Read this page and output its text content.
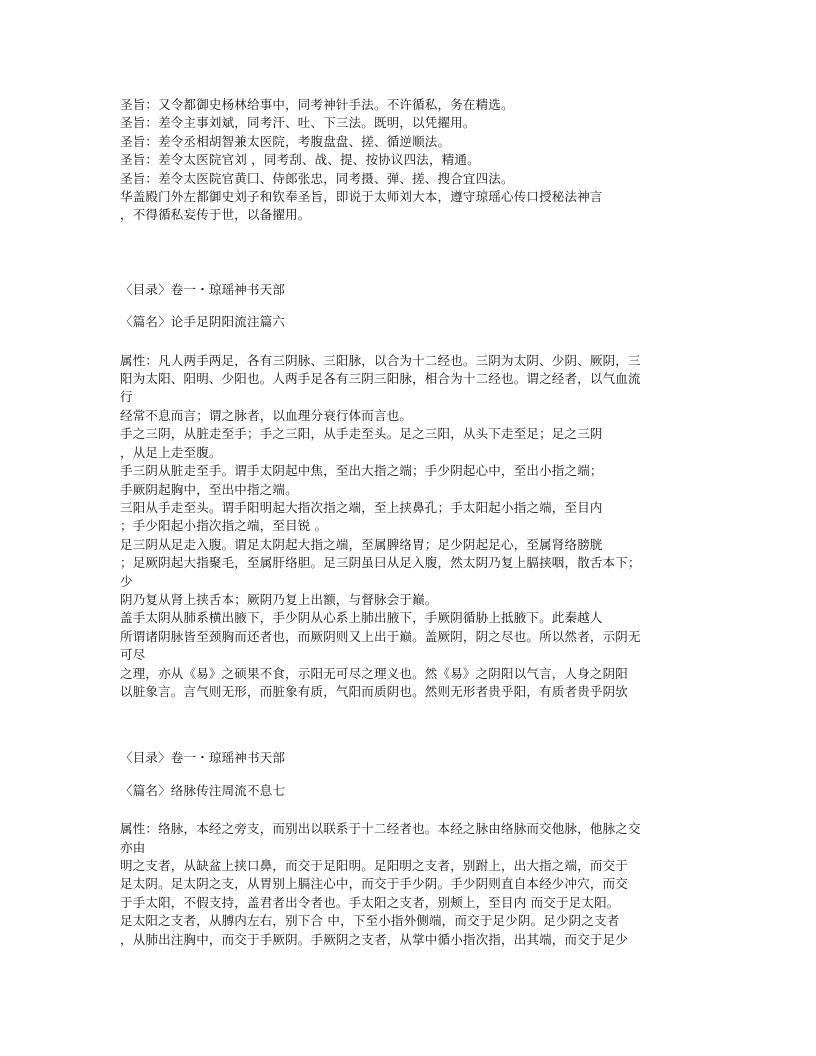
圣旨：又令都御史杨林给事中，同考神针手法。不许循私，务在精选。
圣旨：差令主事刘斌，同考汗、吐、下三法。既明，以凭擢用。
圣旨：差令丞相胡智兼太医院，考腹盘盘、搓、循逆顺法。
圣旨：差令太医院官刘 ，同考刮、战、提、按协议四法，精通。
圣旨：差令太医院官黄囗、侍郎张忠，同考摄、弹、搓、搜合宜四法。
华盖殿门外左都御史刘子和钦奉圣旨，即说于太师刘大本，遵守琼瑶心传口授秘法神言
，不得循私妄传于世，以备擢用。
〈目录〉卷一・琼瑶神书天部
〈篇名〉论手足阴阳流注篇六
属性：凡人两手两足，各有三阴脉、三阳脉，以合为十二经也。三阴为太阴、少阴、厥阴，三
阳为太阳、阳明、少阳也。人两手足各有三阴三阳脉，相合为十二经也。谓之经者，以气血流
行
经常不息而言；谓之脉者，以血理分衰行体而言也。
手之三阴，从脏走至手；手之三阳，从手走至头。足之三阳，从头下走至足；足之三阴
，从足上走至腹。
手三阴从脏走至手。谓手太阴起中焦，至出大指之端；手少阴起心中，至出小指之端；
手厥阴起胸中，至出中指之端。
三阳从手走至头。谓手阳明起大指次指之端，至上挟鼻孔；手太阳起小指之端，至目内
；手少阳起小指次指之端，至目锐 。
足三阴从足走入腹。谓足太阴起大指之端，至属脾络胃；足少阴起足心，至属肾络膀胱
；足厥阴起大指聚毛，至属肝络胆。足三阴虽曰从足入腹，然太阴乃复上膈挟咽，散舌本下；
少
阴乃复从肾上挟舌本；厥阴乃复上出额，与督脉会于巅。
盖手太阴从肺系横出腋下，手少阴从心系上肺出腋下，手厥阴循胁上抵腋下。此秦越人
所谓诸阴脉皆至颈胸而还者也，而厥阴则又上出于巅。盖厥阴，阴之尽也。所以然者，示阴无
可尽
之理，亦从《易》之硕果不食，示阳无可尽之理义也。然《易》之阴阳以气言，人身之阴阳
以脏象言。言气则无形，而脏象有质，气阳而质阴也。然则无形者贵乎阳，有质者贵乎阴欤
〈目录〉卷一・琼瑶神书天部
〈篇名〉络脉传注周流不息七
属性：络脉，本经之旁支，而别出以联系于十二经者也。本经之脉由络脉而交他脉，他脉之交
亦由
明之支者，从缺盆上挟口鼻，而交于足阳明。足阳明之支者，别跗上，出大指之端，而交于
足太阴。足太阴之支，从胃别上膈注心中，而交于手少阴。手少阴则直自本经少冲穴，而交
于手太阳，不假支持，盖君者出令者也。手太阳之支者，别颊上，至目内 而交于足太阳。
足太阳之支者，从膊内左右，别下合 中，下至小指外侧端，而交于足少阴。足少阴之支者
，从肺出注胸中，而交于手厥阴。手厥阴之支者，从掌中循小指次指，出其端，而交于足少
